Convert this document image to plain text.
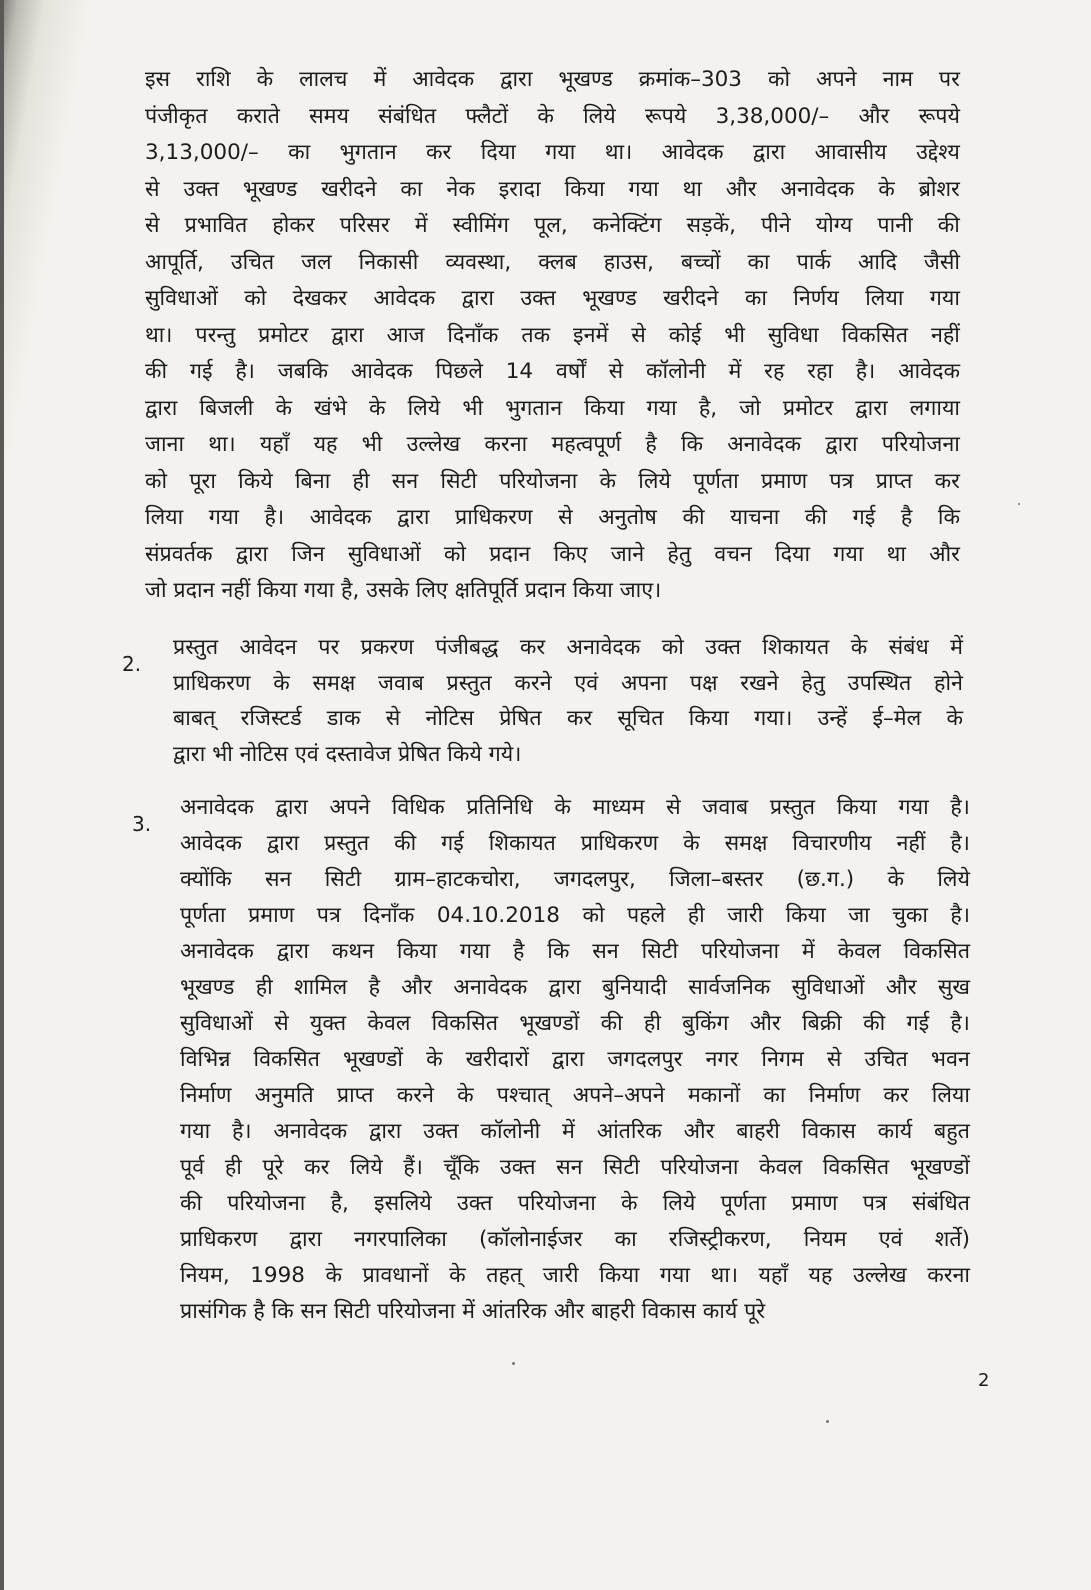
इस राशि के लालच में आवेदक द्वारा भूखण्ड क्रमांक–303 को अपने नाम पर
पंजीकृत कराते समय संबंधित फ्लैटों के लिये रूपये 3,38,000/– और रूपये
3,13,000/– का भुगतान कर दिया गया था। आवेदक द्वारा आवासीय उद्देश्य
से उक्त भूखण्ड खरीदने का नेक इरादा किया गया था और अनावेदक के ब्रोशर
से प्रभावित होकर परिसर में स्वीमिंग पूल, कनेक्टिंग सड़कें, पीने योग्य पानी की
आपूर्ति, उचित जल निकासी व्यवस्था, क्लब हाउस, बच्चों का पार्क आदि जैसी
सुविधाओं को देखकर आवेदक द्वारा उक्त भूखण्ड खरीदने का निर्णय लिया गया
था। परन्तु प्रमोटर द्वारा आज दिनाँक तक इनमें से कोई भी सुविधा विकसित नहीं
की गई है। जबकि आवेदक पिछले 14 वर्षों से कॉलोनी में रह रहा है। आवेदक
द्वारा बिजली के खंभे के लिये भी भुगतान किया गया है, जो प्रमोटर द्वारा लगाया
जाना था। यहाँ यह भी उल्लेख करना महत्वपूर्ण है कि अनावेदक द्वारा परियोजना
को पूरा किये बिना ही सन सिटी परियोजना के लिये पूर्णता प्रमाण पत्र प्राप्त कर
लिया गया है। आवेदक द्वारा प्राधिकरण से अनुतोष की याचना की गई है कि
संप्रवर्तक द्वारा जिन सुविधाओं को प्रदान किए जाने हेतु वचन दिया गया था और
जो प्रदान नहीं किया गया है, उसके लिए क्षतिपूर्ति प्रदान किया जाए।
2.
प्रस्तुत आवेदन पर प्रकरण पंजीबद्ध कर अनावेदक को उक्त शिकायत के संबंध में
प्राधिकरण के समक्ष जवाब प्रस्तुत करने एवं अपना पक्ष रखने हेतु उपस्थित होने
बाबत् रजिस्टर्ड डाक से नोटिस प्रेषित कर सूचित किया गया। उन्हें ई–मेल के
द्वारा भी नोटिस एवं दस्तावेज प्रेषित किये गये।
3.
अनावेदक द्वारा अपने विधिक प्रतिनिधि के माध्यम से जवाब प्रस्तुत किया गया है।
आवेदक द्वारा प्रस्तुत की गई शिकायत प्राधिकरण के समक्ष विचारणीय नहीं है।
क्योंकि सन सिटी ग्राम–हाटकचोरा, जगदलपुर, जिला–बस्तर (छ.ग.) के लिये
पूर्णता प्रमाण पत्र दिनाँक 04.10.2018 को पहले ही जारी किया जा चुका है।
अनावेदक द्वारा कथन किया गया है कि सन सिटी परियोजना में केवल विकसित
भूखण्ड ही शामिल है और अनावेदक द्वारा बुनियादी सार्वजनिक सुविधाओं और सुख
सुविधाओं से युक्त केवल विकसित भूखण्डों की ही बुकिंग और बिक्री की गई है।
विभिन्न विकसित भूखण्डों के खरीदारों द्वारा जगदलपुर नगर निगम से उचित भवन
निर्माण अनुमति प्राप्त करने के पश्चात् अपने–अपने मकानों का निर्माण कर लिया
गया है। अनावेदक द्वारा उक्त कॉलोनी में आंतरिक और बाहरी विकास कार्य बहुत
पूर्व ही पूरे कर लिये हैं। चूँकि उक्त सन सिटी परियोजना केवल विकसित भूखण्डों
की परियोजना है, इसलिये उक्त परियोजना के लिये पूर्णता प्रमाण पत्र संबंधित
प्राधिकरण द्वारा नगरपालिका (कॉलोनाईजर का रजिस्ट्रीकरण, नियम एवं शर्ते)
नियम, 1998 के प्रावधानों के तहत् जारी किया गया था। यहाँ यह उल्लेख करना
प्रासंगिक है कि सन सिटी परियोजना में आंतरिक और बाहरी विकास कार्य पूरे
2
